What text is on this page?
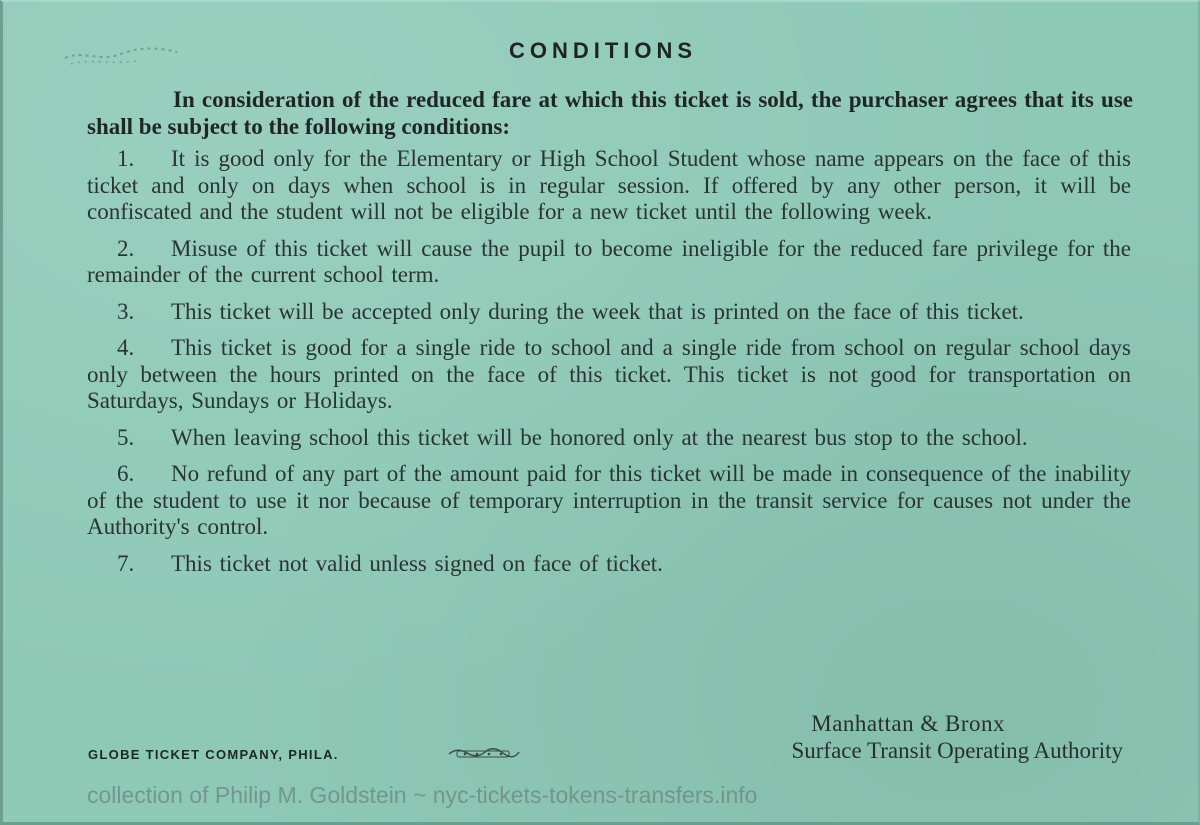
CONDITIONS
In consideration of the reduced fare at which this ticket is sold, the purchaser agrees that its use shall be subject to the following conditions:

1. It is good only for the Elementary or High School Student whose name appears on the face of this ticket and only on days when school is in regular session. If offered by any other person, it will be confiscated and the student will not be eligible for a new ticket until the following week.

2. Misuse of this ticket will cause the pupil to become ineligible for the reduced fare privilege for the remainder of the current school term.

3. This ticket will be accepted only during the week that is printed on the face of this ticket.

4. This ticket is good for a single ride to school and a single ride from school on regular school days only between the hours printed on the face of this ticket. This ticket is not good for transportation on Saturdays, Sundays or Holidays.

5. When leaving school this ticket will be honored only at the nearest bus stop to the school.

6. No refund of any part of the amount paid for this ticket will be made in consequence of the inability of the student to use it nor because of temporary interruption in the transit service for causes not under the Authority's control.

7. This ticket not valid unless signed on face of ticket.

Manhattan & Bronx
Surface Transit Operating Authority
GLOBE TICKET COMPANY, PHILA.
collection of Philip M. Goldstein ~ nyc-tickets-tokens-transfers.info
